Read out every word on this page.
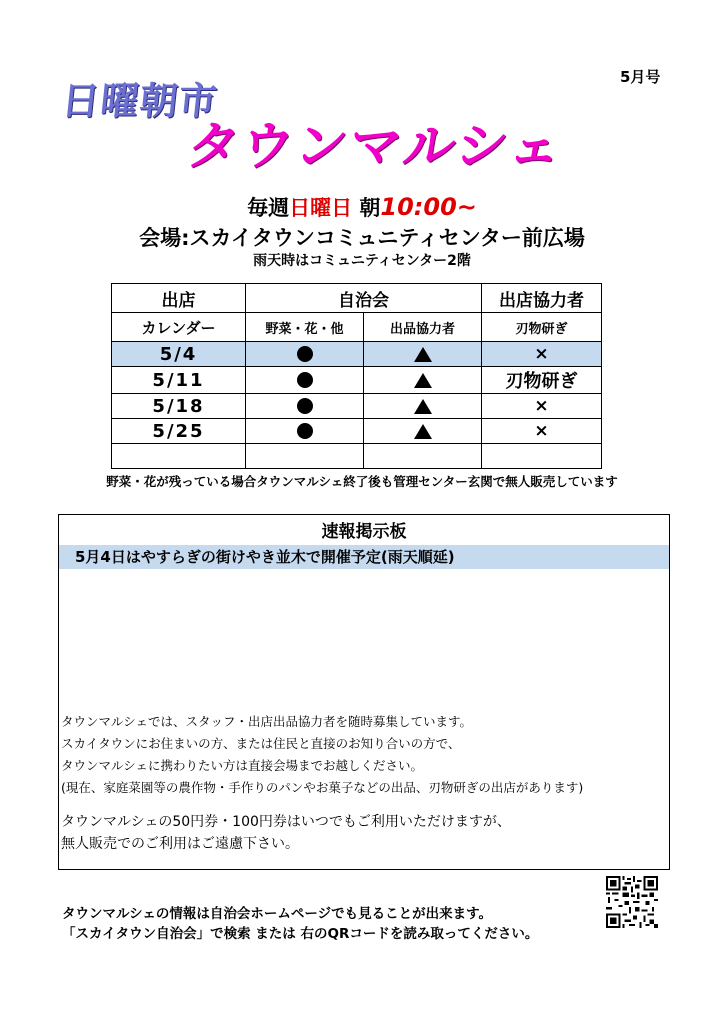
5月号
日曜朝市
タウンマルシェ
毎週日曜日 朝10:00~
会場:スカイタウンコミュニティセンター前広場
雨天時はコミュニティセンター2階
出店	自治会		出店協力者
カレンダー	野菜・花・他	出品協力者	刃物研ぎ
5/4			×
5/11			刃物研ぎ
5/18			×
5/25			×

野菜・花が残っている場合タウンマルシェ終了後も管理センター玄関で無人販売しています
速報掲示板
5月4日はやすらぎの街けやき並木で開催予定(雨天順延)
タウンマルシェでは、スタッフ・出店出品協力者を随時募集しています。
スカイタウンにお住まいの方、または住民と直接のお知り合いの方で、
タウンマルシェに携わりたい方は直接会場までお越しください。
(現在、家庭菜園等の農作物・手作りのパンやお菓子などの出品、刃物研ぎの出店があります)
タウンマルシェの50円券・100円券はいつでもご利用いただけますが、
無人販売でのご利用はご遠慮下さい。
タウンマルシェの情報は自治会ホームページでも見ることが出来ます。
「スカイタウン自治会」で検索 または 右のQRコードを読み取ってください。
